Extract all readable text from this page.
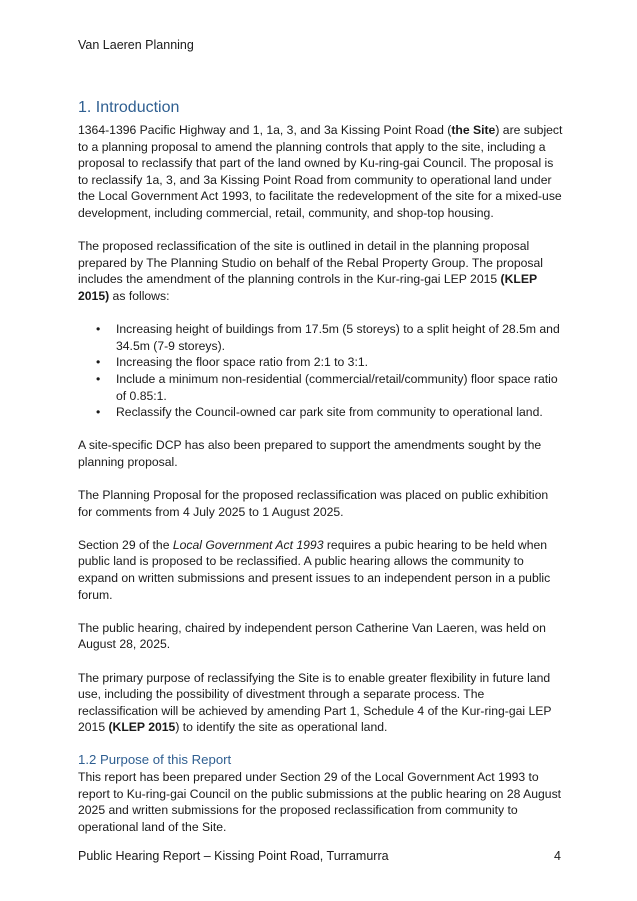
Van Laeren Planning
1. Introduction

1364-1396 Pacific Highway and 1, 1a, 3, and 3a Kissing Point Road (the Site) are subject to a planning proposal to amend the planning controls that apply to the site, including a proposal to reclassify that part of the land owned by Ku-ring-gai Council. The proposal is to reclassify 1a, 3, and 3a Kissing Point Road from community to operational land under the Local Government Act 1993, to facilitate the redevelopment of the site for a mixed-use development, including commercial, retail, community, and shop-top housing.

The proposed reclassification of the site is outlined in detail in the planning proposal prepared by The Planning Studio on behalf of the Rebal Property Group. The proposal includes the amendment of the planning controls in the Kur-ring-gai LEP 2015 (KLEP 2015) as follows:

• Increasing height of buildings from 17.5m (5 storeys) to a split height of 28.5m and 34.5m (7-9 storeys).
• Increasing the floor space ratio from 2:1 to 3:1.
• Include a minimum non-residential (commercial/retail/community) floor space ratio of 0.85:1.
• Reclassify the Council-owned car park site from community to operational land.

A site-specific DCP has also been prepared to support the amendments sought by the planning proposal.

The Planning Proposal for the proposed reclassification was placed on public exhibition for comments from 4 July 2025 to 1 August 2025.

Section 29 of the Local Government Act 1993 requires a pubic hearing to be held when public land is proposed to be reclassified. A public hearing allows the community to expand on written submissions and present issues to an independent person in a public forum.

The public hearing, chaired by independent person Catherine Van Laeren, was held on August 28, 2025.

The primary purpose of reclassifying the Site is to enable greater flexibility in future land use, including the possibility of divestment through a separate process. The reclassification will be achieved by amending Part 1, Schedule 4 of the Kur-ring-gai LEP 2015 (KLEP 2015) to identify the site as operational land.

1.2 Purpose of this Report

This report has been prepared under Section 29 of the Local Government Act 1993 to report to Ku-ring-gai Council on the public submissions at the public hearing on 28 August 2025 and written submissions for the proposed reclassification from community to operational land of the Site.

Public Hearing Report – Kissing Point Road, Turramurra	4
